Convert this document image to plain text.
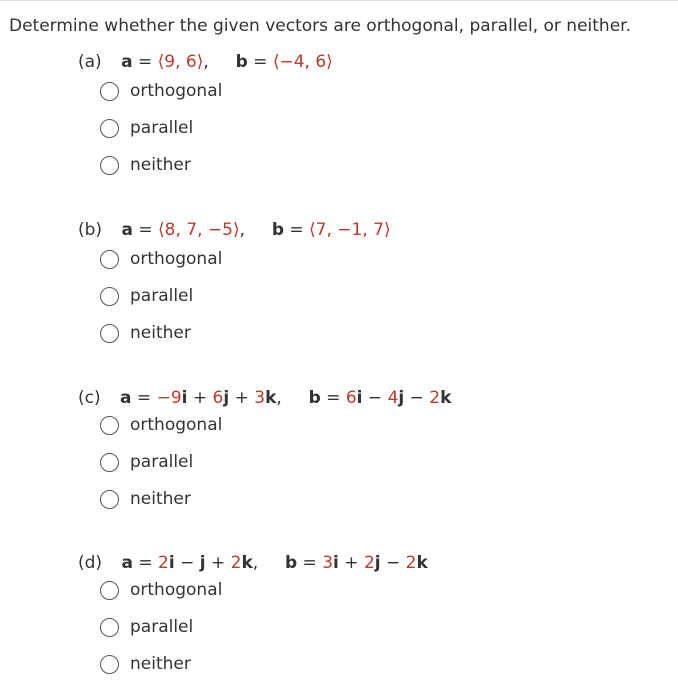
Determine whether the given vectors are orthogonal, parallel, or neither.
(a) a = ⟨9, 6⟩, b = ⟨−4, 6⟩
orthogonal
parallel
neither
(b) a = ⟨8, 7, −5⟩, b = ⟨7, −1, 7⟩
orthogonal
parallel
neither
(c) a = −9i + 6j + 3k, b = 6i − 4j − 2k
orthogonal
parallel
neither
(d) a = 2i − j + 2k, b = 3i + 2j − 2k
orthogonal
parallel
neither
